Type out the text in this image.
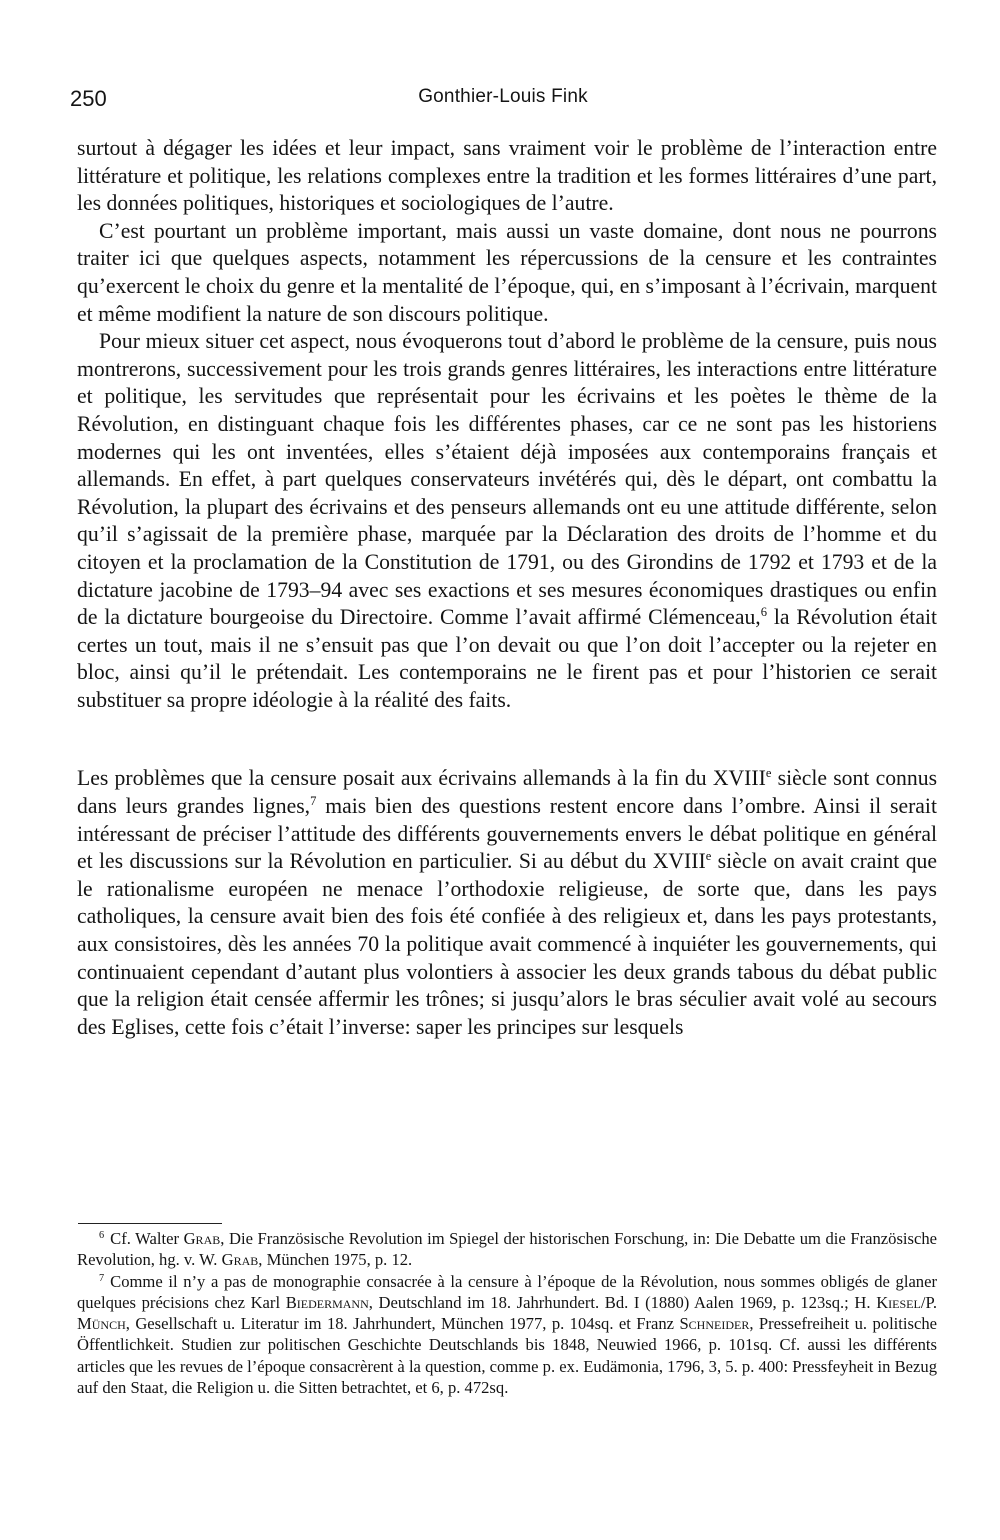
250	Gonthier-Louis Fink

surtout à dégager les idées et leur impact, sans vraiment voir le problème de l’interaction entre littérature et politique, les relations complexes entre la tradition et les formes littéraires d’une part, les données politiques, historiques et sociologiques de l’autre.

C’est pourtant un problème important, mais aussi un vaste domaine, dont nous ne pourrons traiter ici que quelques aspects, notamment les répercussions de la censure et les contraintes qu’exercent le choix du genre et la mentalité de l’époque, qui, en s’imposant à l’écrivain, marquent et même modifient la nature de son discours politique.

Pour mieux situer cet aspect, nous évoquerons tout d’abord le problème de la censure, puis nous montrerons, successivement pour les trois grands genres littéraires, les interactions entre littérature et politique, les servitudes que représentait pour les écrivains et les poètes le thème de la Révolution, en distinguant chaque fois les différentes phases, car ce ne sont pas les historiens modernes qui les ont inventées, elles s’étaient déjà imposées aux contemporains français et allemands. En effet, à part quelques conservateurs invétérés qui, dès le départ, ont combattu la Révolution, la plupart des écrivains et des penseurs allemands ont eu une attitude différente, selon qu’il s’agissait de la première phase, marquée par la Déclaration des droits de l’homme et du citoyen et la proclamation de la Constitution de 1791, ou des Girondins de 1792 et 1793 et de la dictature jacobine de 1793–94 avec ses exactions et ses mesures économiques drastiques ou enfin de la dictature bourgeoise du Directoire. Comme l’avait affirmé Clémenceau,$^6$ la Révolution était certes un tout, mais il ne s’ensuit pas que l’on devait ou que l’on doit l’accepter ou la rejeter en bloc, ainsi qu’il le prétendait. Les contemporains ne le firent pas et pour l’historien ce serait substituer sa propre idéologie à la réalité des faits.

Les problèmes que la censure posait aux écrivains allemands à la fin du XVIIIe siècle sont connus dans leurs grandes lignes,$^7$ mais bien des questions restent encore dans l’ombre. Ainsi il serait intéressant de préciser l’attitude des différents gouvernements envers le débat politique en général et les discussions sur la Révolution en particulier. Si au début du XVIIIe siècle on avait craint que le rationalisme européen ne menace l’orthodoxie religieuse, de sorte que, dans les pays catholiques, la censure avait bien des fois été confiée à des religieux et, dans les pays protestants, aux consistoires, dès les années 70 la politique avait commencé à inquiéter les gouvernements, qui continuaient cependant d’autant plus volontiers à associer les deux grands tabous du débat public que la religion était censée affermir les trônes; si jusqu’alors le bras séculier avait volé au secours des Eglises, cette fois c’était l’inverse: saper les principes sur lesquels

$^6$ Cf. Walter Grab, Die Französische Revolution im Spiegel der historischen Forschung, in: Die Debatte um die Französische Revolution, hg. v. W. Grab, München 1975, p. 12.

$^7$ Comme il n’y a pas de monographie consacrée à la censure à l’époque de la Révolution, nous sommes obligés de glaner quelques précisions chez Karl Biedermann, Deutschland im 18. Jahrhundert. Bd. I (1880) Aalen 1969, p. 123sq.; H. Kiesel/P. Münch, Gesellschaft u. Literatur im 18. Jahrhundert, München 1977, p. 104sq. et Franz Schneider, Pressefreiheit u. politische Öffentlichkeit. Studien zur politischen Geschichte Deutschlands bis 1848, Neuwied 1966, p. 101sq. Cf. aussi les différents articles que les revues de l’époque consacrèrent à la question, comme p. ex. Eudämonia, 1796, 3, 5. p. 400: Pressfeyheit in Bezug auf den Staat, die Religion u. die Sitten betrachtet, et 6, p. 472sq.
